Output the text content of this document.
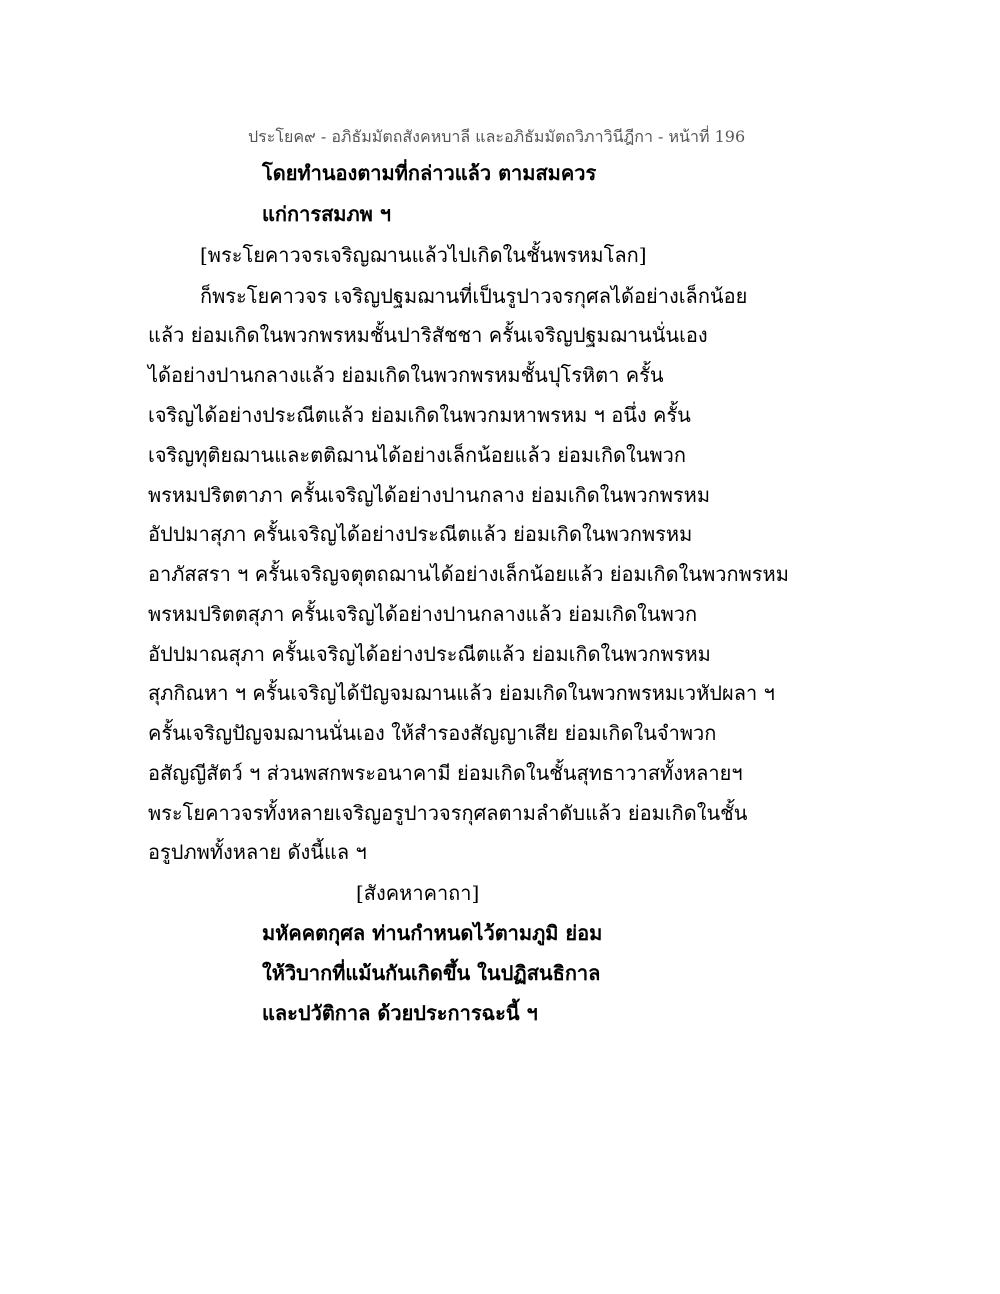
ประโยค๙ - อภิธัมมัตถสังคหบาลี และอภิธัมมัตถวิภาวินีฎีกา - หน้าที่ 196
โดยทำนองตามที่กล่าวแล้ว ตามสมควร
แก่การสมภพ ฯ
[พระโยคาวจรเจริญฌานแล้วไปเกิดในชั้นพรหมโลก]
ก็พระโยคาวจร เจริญปฐมฌานที่เป็นรูปาวจรกุศลได้อย่างเล็กน้อย
แล้ว ย่อมเกิดในพวกพรหมชั้นปาริสัชชา ครั้นเจริญปฐมฌานนั่นเอง
ได้อย่างปานกลางแล้ว ย่อมเกิดในพวกพรหมชั้นปุโรหิตา ครั้น
เจริญได้อย่างประณีตแล้ว ย่อมเกิดในพวกมหาพรหม ฯ อนึ่ง ครั้น
เจริญทุติยฌานและตติฌานได้อย่างเล็กน้อยแล้ว ย่อมเกิดในพวก
พรหมปริตตาภา ครั้นเจริญได้อย่างปานกลาง ย่อมเกิดในพวกพรหม
อัปปมาสุภา ครั้นเจริญได้อย่างประณีตแล้ว ย่อมเกิดในพวกพรหม
อาภัสสรา ฯ ครั้นเจริญจตุตถฌานได้อย่างเล็กน้อยแล้ว ย่อมเกิดในพวกพรหม
พรหมปริตตสุภา ครั้นเจริญได้อย่างปานกลางแล้ว ย่อมเกิดในพวก
อัปปมาณสุภา ครั้นเจริญได้อย่างประณีตแล้ว ย่อมเกิดในพวกพรหม
สุภกิณหา ฯ ครั้นเจริญได้ปัญจมฌานแล้ว ย่อมเกิดในพวกพรหมเวหัปผลา ฯ
ครั้นเจริญปัญจมฌานนั่นเอง ให้สำรองสัญญาเสีย ย่อมเกิดในจำพวก
อสัญญีสัตว์ ฯ ส่วนพสกพระอนาคามี ย่อมเกิดในชั้นสุทธาวาสทั้งหลายฯ
พระโยคาวจรทั้งหลายเจริญอรูปาวจรกุศลตามลำดับแล้ว ย่อมเกิดในชั้น
อรูปภพทั้งหลาย ดังนี้แล ฯ
[สังคหาคาถา]
มหัคคตกุศล ท่านกำหนดไว้ตามภูมิ ย่อม
ให้วิบากที่แม้นกันเกิดขึ้น ในปฏิสนธิกาล
และปวัติกาล ด้วยประการฉะนี้ ฯ
